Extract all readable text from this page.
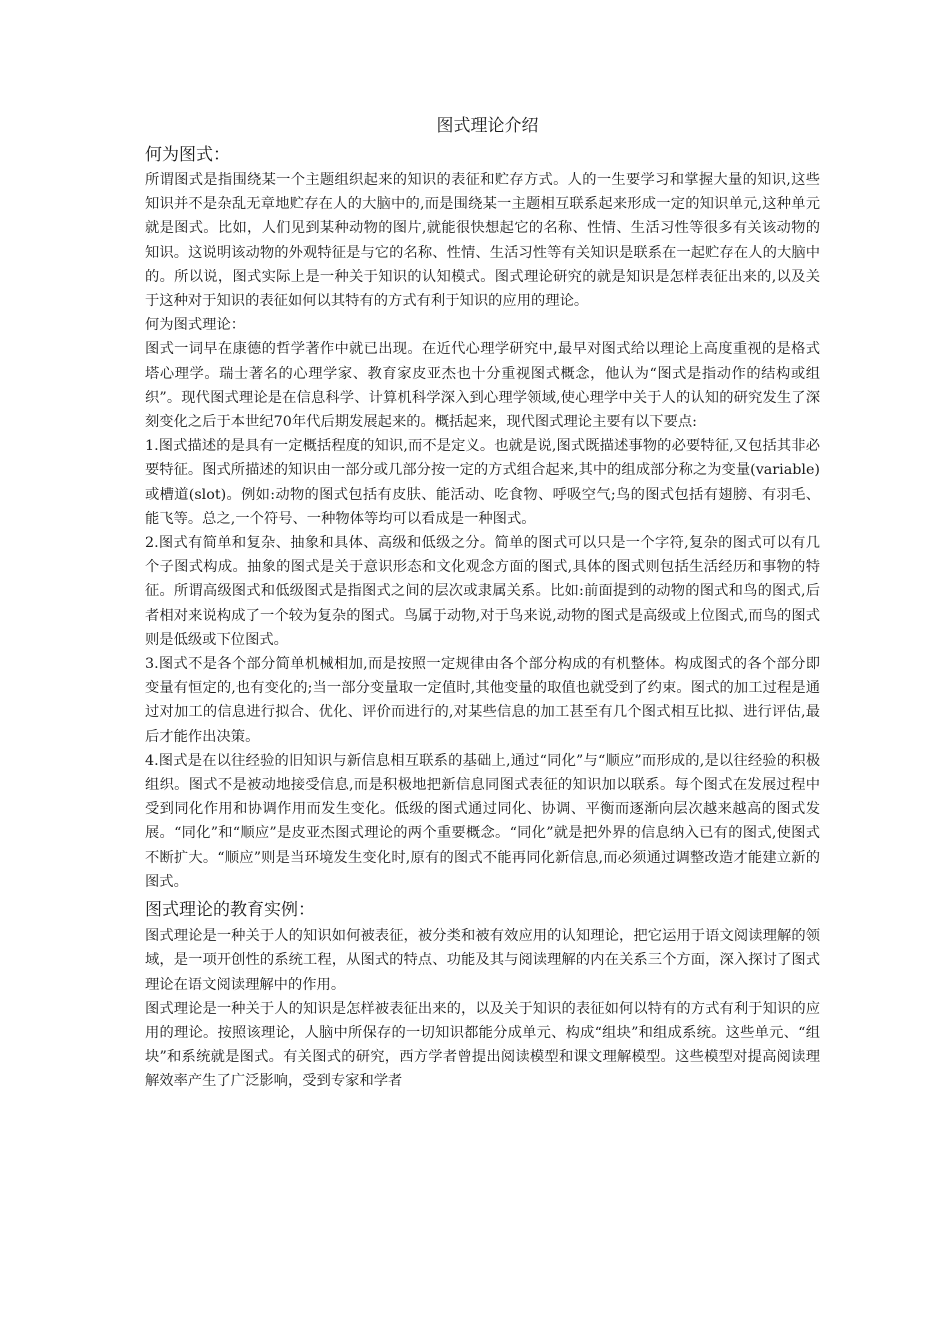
图式理论介绍
何为图式：

所谓图式是指围绕某一个主题组织起来的知识的表征和贮存方式。人的一生要学习和掌握大量的知识,这些知识并不是杂乱无章地贮存在人的大脑中的,而是围绕某一主题相互联系起来形成一定的知识单元,这种单元就是图式。比如，人们见到某种动物的图片,就能很快想起它的名称、性情、生活习性等很多有关该动物的知识。这说明该动物的外观特征是与它的名称、性情、生活习性等有关知识是联系在一起贮存在人的大脑中的。所以说，图式实际上是一种关于知识的认知模式。图式理论研究的就是知识是怎样表征出来的,以及关于这种对于知识的表征如何以其特有的方式有利于知识的应用的理论。

何为图式理论：

图式一词早在康德的哲学著作中就已出现。在近代心理学研究中,最早对图式给以理论上高度重视的是格式塔心理学。瑞士著名的心理学家、教育家皮亚杰也十分重视图式概念，他认为“图式是指动作的结构或组织”。现代图式理论是在信息科学、计算机科学深入到心理学领域,使心理学中关于人的认知的研究发生了深刻变化之后于本世纪70年代后期发展起来的。概括起来，现代图式理论主要有以下要点:

1.图式描述的是具有一定概括程度的知识,而不是定义。也就是说,图式既描述事物的必要特征,又包括其非必要特征。图式所描述的知识由一部分或几部分按一定的方式组合起来,其中的组成部分称之为变量(variable)或槽道(slot)。例如:动物的图式包括有皮肤、能活动、吃食物、呼吸空气;鸟的图式包括有翅膀、有羽毛、能飞等。总之,一个符号、一种物体等均可以看成是一种图式。

2.图式有简单和复杂、抽象和具体、高级和低级之分。简单的图式可以只是一个字符,复杂的图式可以有几个子图式构成。抽象的图式是关于意识形态和文化观念方面的图式,具体的图式则包括生活经历和事物的特征。所谓高级图式和低级图式是指图式之间的层次或隶属关系。比如:前面提到的动物的图式和鸟的图式,后者相对来说构成了一个较为复杂的图式。鸟属于动物,对于鸟来说,动物的图式是高级或上位图式,而鸟的图式则是低级或下位图式。

3.图式不是各个部分简单机械相加,而是按照一定规律由各个部分构成的有机整体。构成图式的各个部分即变量有恒定的,也有变化的;当一部分变量取一定值时,其他变量的取值也就受到了约束。图式的加工过程是通过对加工的信息进行拟合、优化、评价而进行的,对某些信息的加工甚至有几个图式相互比拟、进行评估,最后才能作出决策。

4.图式是在以往经验的旧知识与新信息相互联系的基础上,通过“同化”与“顺应”而形成的,是以往经验的积极组织。图式不是被动地接受信息,而是积极地把新信息同图式表征的知识加以联系。每个图式在发展过程中受到同化作用和协调作用而发生变化。低级的图式通过同化、协调、平衡而逐渐向层次越来越高的图式发展。“同化”和“顺应”是皮亚杰图式理论的两个重要概念。“同化”就是把外界的信息纳入已有的图式,使图式不断扩大。“顺应”则是当环境发生变化时,原有的图式不能再同化新信息,而必须通过调整改造才能建立新的图式。

图式理论的教育实例：

图式理论是一种关于人的知识如何被表征，被分类和被有效应用的认知理论，把它运用于语文阅读理解的领域，是一项开创性的系统工程，从图式的特点、功能及其与阅读理解的内在关系三个方面，深入探讨了图式理论在语文阅读理解中的作用。

图式理论是一种关于人的知识是怎样被表征出来的，以及关于知识的表征如何以特有的方式有利于知识的应用的理论。按照该理论，人脑中所保存的一切知识都能分成单元、构成“组块”和组成系统。这些单元、“组块”和系统就是图式。有关图式的研究，西方学者曾提出阅读模型和课文理解模型。这些模型对提高阅读理解效率产生了广泛影响，受到专家和学者
